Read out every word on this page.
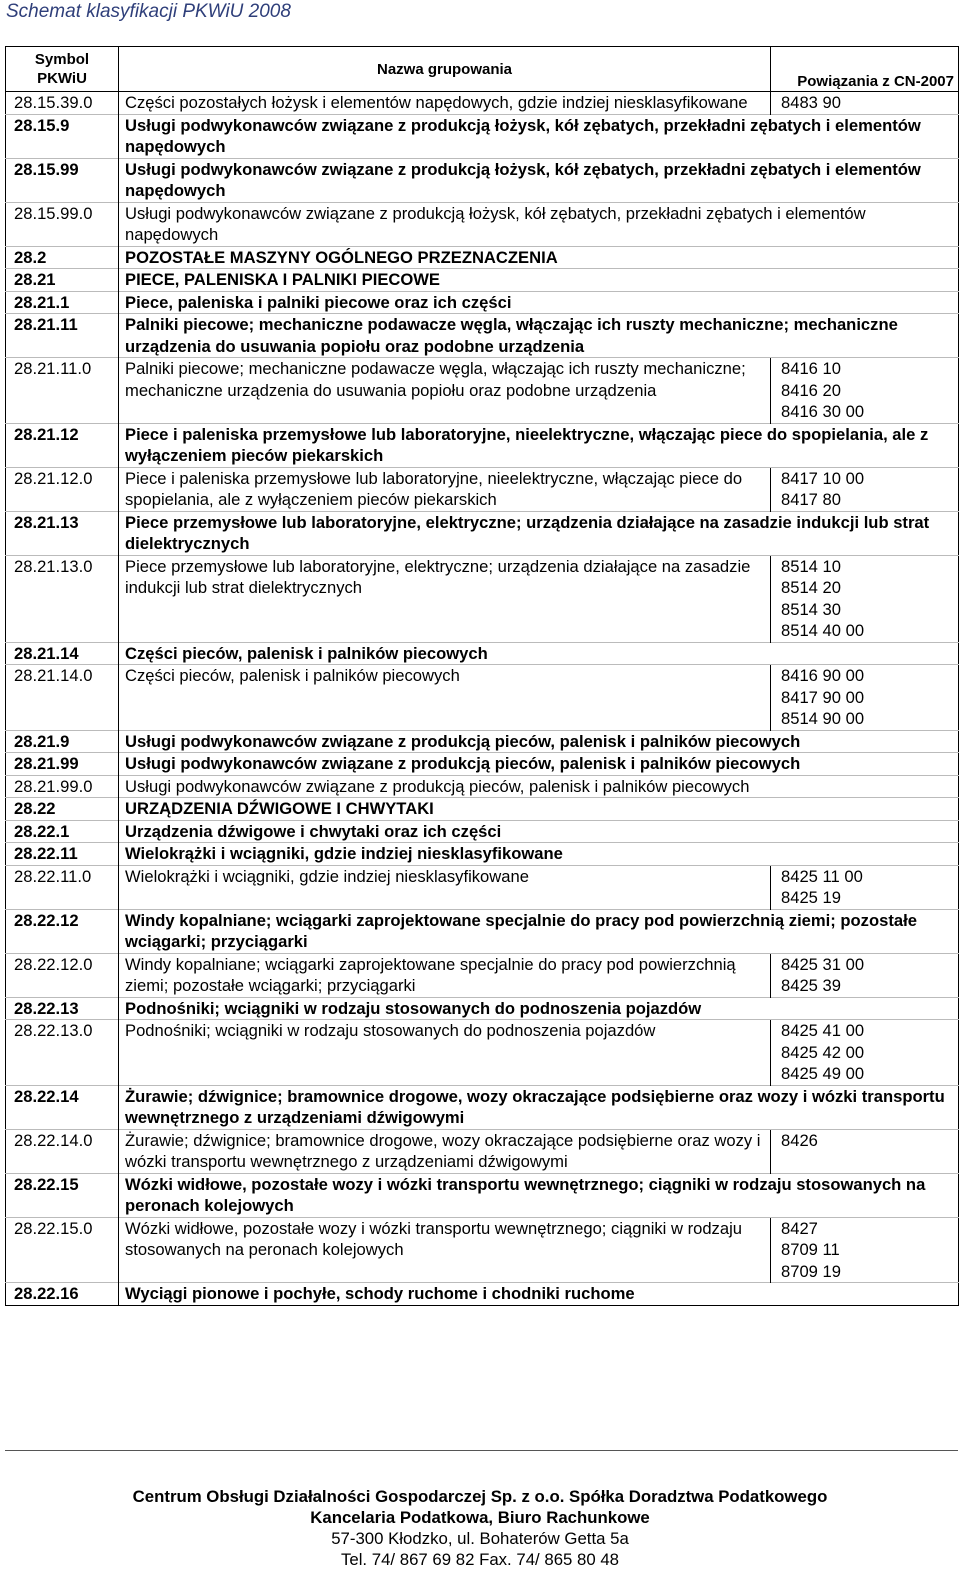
Schemat klasyfikacji PKWiU 2008
Symbol PKWiU	Nazwa grupowania	Powiązania z CN-2007
28.15.39.0	Części pozostałych łożysk i elementów napędowych, gdzie indziej niesklasyfikowane	8483 90

28.15.9	Usługi podwykonawców związane z produkcją łożysk, kół zębatych, przekładni zębatych i elementów napędowych	
28.15.99	Usługi podwykonawców związane z produkcją łożysk, kół zębatych, przekładni zębatych i elementów napędowych	
28.15.99.0	Usługi podwykonawców związane z produkcją łożysk, kół zębatych, przekładni zębatych i elementów napędowych	
28.2	POZOSTAŁE MASZYNY OGÓLNEGO PRZEZNACZENIA	
28.21	PIECE, PALENISKA I PALNIKI PIECOWE	
28.21.1	Piece, paleniska i palniki piecowe oraz ich części	
28.21.11	Palniki piecowe; mechaniczne podawacze węgla, włączając ich ruszty mechaniczne; mechaniczne urządzenia do usuwania popiołu oraz podobne urządzenia	
28.21.11.0	Palniki piecowe; mechaniczne podawacze węgla, włączając ich ruszty mechaniczne; mechaniczne urządzenia do usuwania popiołu oraz podobne urządzenia	8416 10
8416 20
8416 30 00

28.21.12	Piece i paleniska przemysłowe lub laboratoryjne, nieelektryczne, włączając piece do spopielania, ale z wyłączeniem pieców piekarskich	
28.21.12.0	Piece i paleniska przemysłowe lub laboratoryjne, nieelektryczne, włączając piece do spopielania, ale z wyłączeniem pieców piekarskich	8417 10 00
8417 80

28.21.13	Piece przemysłowe lub laboratoryjne, elektryczne; urządzenia działające na zasadzie indukcji lub strat dielektrycznych	
28.21.13.0	Piece przemysłowe lub laboratoryjne, elektryczne; urządzenia działające na zasadzie indukcji lub strat dielektrycznych	8514 10
8514 20
8514 30
8514 40 00

28.21.14	Części pieców, palenisk i palników piecowych	
28.21.14.0	Części pieców, palenisk i palników piecowych	8416 90 00
8417 90 00
8514 90 00

28.21.9	Usługi podwykonawców związane z produkcją pieców, palenisk i palników piecowych	
28.21.99	Usługi podwykonawców związane z produkcją pieców, palenisk i palników piecowych	
28.21.99.0	Usługi podwykonawców związane z produkcją pieców, palenisk i palników piecowych	
28.22	URZĄDZENIA DŹWIGOWE I CHWYTAKI	
28.22.1	Urządzenia dźwigowe i chwytaki oraz ich części	
28.22.11	Wielokrążki i wciągniki, gdzie indziej niesklasyfikowane	
28.22.11.0	Wielokrążki i wciągniki, gdzie indziej niesklasyfikowane	8425 11 00
8425 19

28.22.12	Windy kopalniane; wciągarki zaprojektowane specjalnie do pracy pod powierzchnią ziemi; pozostałe wciągarki; przyciągarki	
28.22.12.0	Windy kopalniane; wciągarki zaprojektowane specjalnie do pracy pod powierzchnią ziemi; pozostałe wciągarki; przyciągarki	8425 31 00
8425 39

28.22.13	Podnośniki; wciągniki w rodzaju stosowanych do podnoszenia pojazdów	
28.22.13.0	Podnośniki; wciągniki w rodzaju stosowanych do podnoszenia pojazdów	8425 41 00
8425 42 00
8425 49 00

28.22.14	Żurawie; dźwignice; bramownice drogowe, wozy okraczające podsiębierne oraz wozy i wózki transportu wewnętrznego z urządzeniami dźwigowymi	
28.22.14.0	Żurawie; dźwignice; bramownice drogowe, wozy okraczające podsiębierne oraz wozy i wózki transportu wewnętrznego z urządzeniami dźwigowymi	8426

28.22.15	Wózki widłowe, pozostałe wozy i wózki transportu wewnętrznego; ciągniki w rodzaju stosowanych na peronach kolejowych	
28.22.15.0	Wózki widłowe, pozostałe wozy i wózki transportu wewnętrznego; ciągniki w rodzaju stosowanych na peronach kolejowych	8427
8709 11
8709 19

28.22.16	Wyciągi pionowe i pochyłe, schody ruchome i chodniki ruchome	
Centrum Obsługi Działalności Gospodarczej Sp. z o.o. Spółka Doradztwa Podatkowego
Kancelaria Podatkowa, Biuro Rachunkowe
57-300 Kłodzko, ul. Bohaterów Getta 5a
Tel. 74/ 867 69 82 Fax. 74/ 865 80 48
